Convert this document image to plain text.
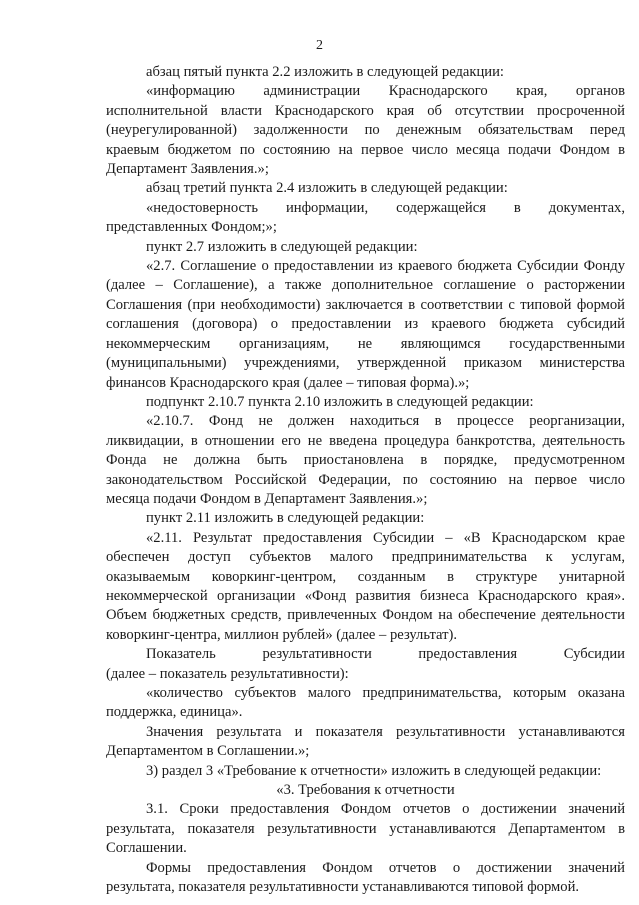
2

абзац пятый пункта 2.2 изложить в следующей редакции:

«информацию администрации Краснодарского края, органов

исполнительной власти Краснодарского края об отсутствии просроченной

(неурегулированной) задолженности по денежным обязательствам перед

краевым бюджетом по состоянию на первое число месяца подачи Фондом в

Департамент Заявления.»;

абзац третий пункта 2.4 изложить в следующей редакции:

«недостоверность информации, содержащейся в документах,

представленных Фондом;»;

пункт 2.7 изложить в следующей редакции:

«2.7. Соглашение о предоставлении из краевого бюджета Субсидии Фонду

(далее – Соглашение), а также дополнительное соглашение о расторжении

Соглашения (при необходимости) заключается в соответствии с типовой формой

соглашения (договора) о предоставлении из краевого бюджета субсидий

некоммерческим организациям, не являющимся государственными

(муниципальными) учреждениями, утвержденной приказом министерства

финансов Краснодарского края (далее – типовая форма).»;

подпункт 2.10.7 пункта 2.10 изложить в следующей редакции:

«2.10.7. Фонд не должен находиться в процессе реорганизации,

ликвидации, в отношении его не введена процедура банкротства, деятельность

Фонда не должна быть приостановлена в порядке, предусмотренном

законодательством Российской Федерации, по состоянию на первое число

месяца подачи Фондом в Департамент Заявления.»;

пункт 2.11 изложить в следующей редакции:

«2.11. Результат предоставления Субсидии – «В Краснодарском крае

обеспечен доступ субъектов малого предпринимательства к услугам,

оказываемым коворкинг-центром, созданным в структуре унитарной

некоммерческой организации «Фонд развития бизнеса Краснодарского края».

Объем бюджетных средств, привлеченных Фондом на обеспечение деятельности

коворкинг-центра, миллион рублей» (далее – результат).

Показатель результативности предоставления Субсидии

(далее – показатель результативности):

«количество субъектов малого предпринимательства, которым оказана

поддержка, единица».

Значения результата и показателя результативности устанавливаются

Департаментом в Соглашении.»;

3) раздел 3 «Требование к отчетности» изложить в следующей редакции:

«3. Требования к отчетности

3.1. Сроки предоставления Фондом отчетов о достижении значений

результата, показателя результативности устанавливаются Департаментом в

Соглашении.

Формы предоставления Фондом отчетов о достижении значений

результата, показателя результативности устанавливаются типовой формой.
